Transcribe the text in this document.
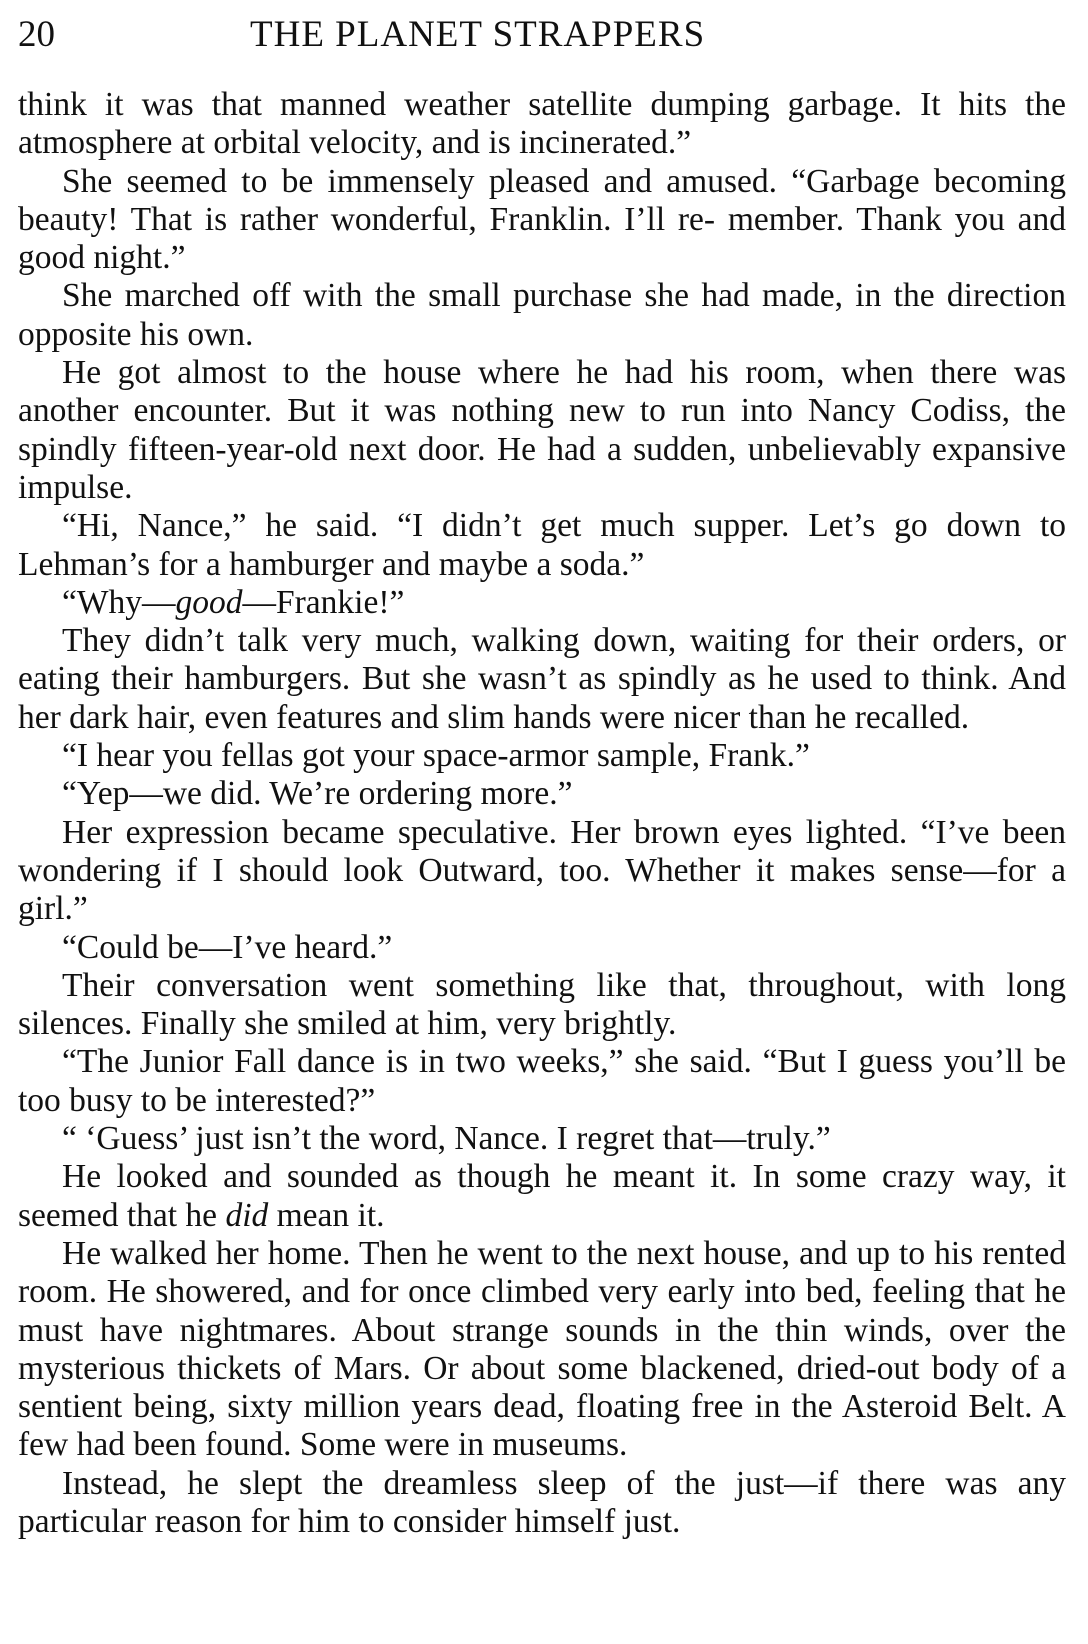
20	THE PLANET STRAPPERS

think it was that manned weather satellite dumping garbage. It hits the atmosphere at orbital velocity, and is incinerated.”

She seemed to be immensely pleased and amused. “Garbage becoming beauty! That is rather wonderful, Franklin. I’ll re- member. Thank you and good night.”

She marched off with the small purchase she had made, in the direction opposite his own.

He got almost to the house where he had his room, when there was another encounter. But it was nothing new to run into Nancy Codiss, the spindly fifteen-year-old next door. He had a sudden, unbelievably expansive impulse.

“Hi, Nance,” he said. “I didn’t get much supper. Let’s go down to Lehman’s for a hamburger and maybe a soda.”

“Why—good—Frankie!”

They didn’t talk very much, walking down, waiting for their orders, or eating their hamburgers. But she wasn’t as spindly as he used to think. And her dark hair, even features and slim hands were nicer than he recalled.

“I hear you fellas got your space-armor sample, Frank.”

“Yep—we did. We’re ordering more.”

Her expression became speculative. Her brown eyes lighted. “I’ve been wondering if I should look Outward, too. Whether it makes sense—for a girl.”

“Could be—I’ve heard.”

Their conversation went something like that, throughout, with long silences. Finally she smiled at him, very brightly.

“The Junior Fall dance is in two weeks,” she said. “But I guess you’ll be too busy to be interested?”

“ ‘Guess’ just isn’t the word, Nance. I regret that—truly.”

He looked and sounded as though he meant it. In some crazy way, it seemed that he did mean it.

He walked her home. Then he went to the next house, and up to his rented room. He showered, and for once climbed very early into bed, feeling that he must have nightmares. About strange sounds in the thin winds, over the mysterious thickets of Mars. Or about some blackened, dried-out body of a sentient being, sixty million years dead, floating free in the Asteroid Belt. A few had been found. Some were in museums.

Instead, he slept the dreamless sleep of the just—if there was any particular reason for him to consider himself just.
